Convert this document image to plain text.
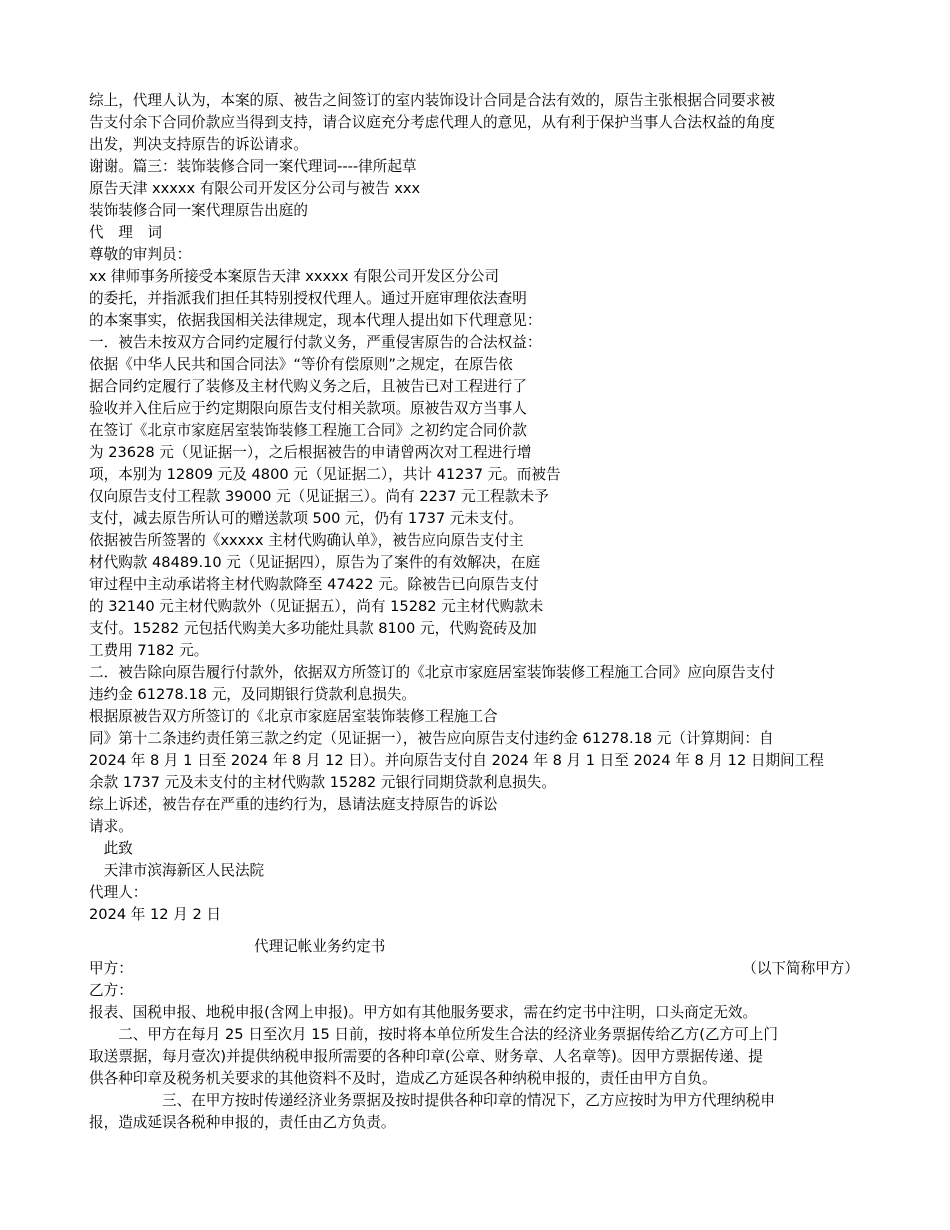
综上，代理人认为，本案的原、被告之间签订的室内装饰设计合同是合法有效的，原告主张根据合同要求被
告支付余下合同价款应当得到支持，请合议庭充分考虑代理人的意见，从有利于保护当事人合法权益的角度
出发，判决支持原告的诉讼请求。
谢谢。篇三：装饰装修合同一案代理词----律所起草
原告天津 xxxxx 有限公司开发区分公司与被告 xxx
装饰装修合同一案代理原告出庭的
代　理　词
尊敬的审判员：
xx 律师事务所接受本案原告天津 xxxxx 有限公司开发区分公司
的委托，并指派我们担任其特别授权代理人。通过开庭审理依法查明
的本案事实，依据我国相关法律规定，现本代理人提出如下代理意见：
一．被告未按双方合同约定履行付款义务，严重侵害原告的合法权益：
依据《中华人民共和国合同法》“等价有偿原则”之规定，在原告依
据合同约定履行了装修及主材代购义务之后，且被告已对工程进行了
验收并入住后应于约定期限向原告支付相关款项。原被告双方当事人
在签订《北京市家庭居室装饰装修工程施工合同》之初约定合同价款
为 23628 元（见证据一），之后根据被告的申请曾两次对工程进行增
项，本别为 12809 元及 4800 元（见证据二），共计 41237 元。而被告
仅向原告支付工程款 39000 元（见证据三）。尚有 2237 元工程款未予
支付，减去原告所认可的赠送款项 500 元，仍有 1737 元未支付。
依据被告所签署的《xxxxx 主材代购确认单》，被告应向原告支付主
材代购款 48489.10 元（见证据四），原告为了案件的有效解决，在庭
审过程中主动承诺将主材代购款降至 47422 元。除被告已向原告支付
的 32140 元主材代购款外（见证据五），尚有 15282 元主材代购款未
支付。15282 元包括代购美大多功能灶具款 8100 元，代购瓷砖及加
工费用 7182 元。
二．被告除向原告履行付款外，依据双方所签订的《北京市家庭居室装饰装修工程施工合同》应向原告支付
违约金 61278.18 元，及同期银行贷款利息损失。
根据原被告双方所签订的《北京市家庭居室装饰装修工程施工合
同》第十二条违约责任第三款之约定（见证据一），被告应向原告支付违约金 61278.18 元（计算期间：自
2024 年 8 月 1 日至 2024 年 8 月 12 日）。并向原告支付自 2024 年 8 月 1 日至 2024 年 8 月 12 日期间工程
余款 1737 元及未支付的主材代购款 15282 元银行同期贷款利息损失。
综上诉述，被告存在严重的违约行为，恳请法庭支持原告的诉讼
请求。
　此致
　天津市滨海新区人民法院
代理人：
2024 年 12 月 2 日
代理记帐业务约定书
甲方：	（以下简称甲方）
乙方：
报表、国税申报、地税申报(含网上申报)。甲方如有其他服务要求，需在约定书中注明，口头商定无效。
　　二、甲方在每月 25 日至次月 15 日前，按时将本单位所发生合法的经济业务票据传给乙方(乙方可上门
取送票据，每月壹次)并提供纳税申报所需要的各种印章(公章、财务章、人名章等)。因甲方票据传递、提
供各种印章及税务机关要求的其他资料不及时，造成乙方延误各种纳税申报的，责任由甲方自负。
　　　　　三、在甲方按时传递经济业务票据及按时提供各种印章的情况下，乙方应按时为甲方代理纳税申
报，造成延误各税种申报的，责任由乙方负责。
